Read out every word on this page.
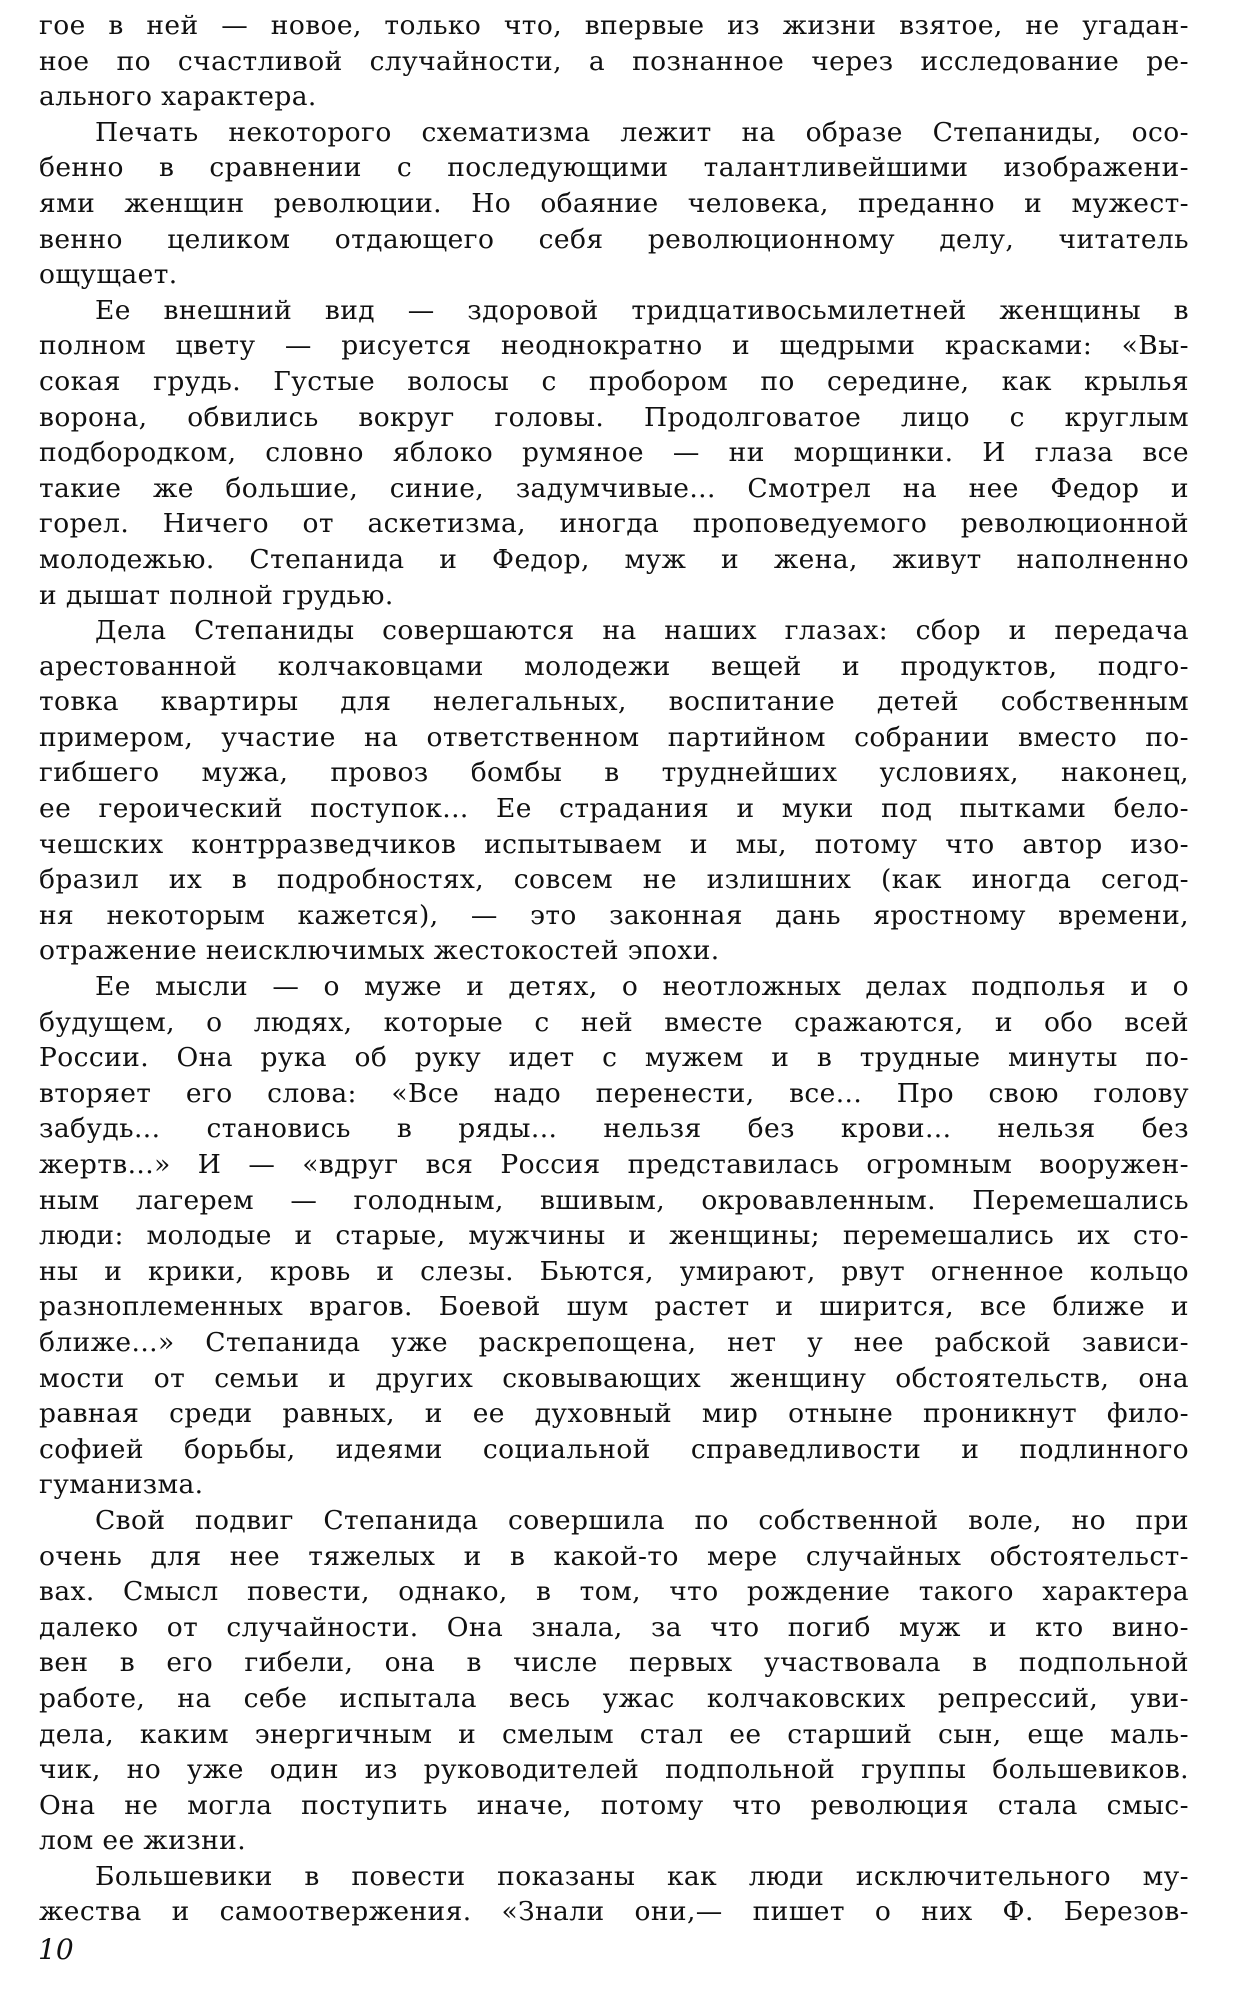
гое в ней — новое, только что, впервые из жизни взятое, не угадан-
ное по счастливой случайности, а познанное через исследование ре-
ального характера.
Печать некоторого схематизма лежит на образе Степаниды, осо-
бенно в сравнении с последующими талантливейшими изображени-
ями женщин революции. Но обаяние человека, преданно и мужест-
венно целиком отдающего себя революционному делу, читатель
ощущает.
Ее внешний вид — здоровой тридцативосьмилетней женщины в
полном цвету — рисуется неоднократно и щедрыми красками: «Вы-
сокая грудь. Густые волосы с пробором по середине, как крылья
ворона, обвились вокруг головы. Продолговатое лицо с круглым
подбородком, словно яблоко румяное — ни морщинки. И глаза все
такие же большие, синие, задумчивые... Смотрел на нее Федор и
горел. Ничего от аскетизма, иногда проповедуемого революционной
молодежью. Степанида и Федор, муж и жена, живут наполненно
и дышат полной грудью.
Дела Степаниды совершаются на наших глазах: сбор и передача
арестованной колчаковцами молодежи вещей и продуктов, подго-
товка квартиры для нелегальных, воспитание детей собственным
примером, участие на ответственном партийном собрании вместо по-
гибшего мужа, провоз бомбы в труднейших условиях, наконец,
ее героический поступок... Ее страдания и муки под пытками бело-
чешских контрразведчиков испытываем и мы, потому что автор изо-
бразил их в подробностях, совсем не излишних (как иногда сегод-
ня некоторым кажется), — это законная дань яростному времени,
отражение неисключимых жестокостей эпохи.
Ее мысли — о муже и детях, о неотложных делах подполья и о
будущем, о людях, которые с ней вместе сражаются, и обо всей
России. Она рука об руку идет с мужем и в трудные минуты по-
вторяет его слова: «Все надо перенести, все... Про свою голову
забудь... становись в ряды... нельзя без крови... нельзя без
жертв...» И — «вдруг вся Россия представилась огромным вооружен-
ным лагерем — голодным, вшивым, окровавленным. Перемешались
люди: молодые и старые, мужчины и женщины; перемешались их сто-
ны и крики, кровь и слезы. Бьются, умирают, рвут огненное кольцо
разноплеменных врагов. Боевой шум растет и ширится, все ближе и
ближе...» Степанида уже раскрепощена, нет у нее рабской зависи-
мости от семьи и других сковывающих женщину обстоятельств, она
равная среди равных, и ее духовный мир отныне проникнут фило-
софией борьбы, идеями социальной справедливости и подлинного
гуманизма.
Свой подвиг Степанида совершила по собственной воле, но при
очень для нее тяжелых и в какой-то мере случайных обстоятельст-
вах. Смысл повести, однако, в том, что рождение такого характера
далеко от случайности. Она знала, за что погиб муж и кто вино-
вен в его гибели, она в числе первых участвовала в подпольной
работе, на себе испытала весь ужас колчаковских репрессий, уви-
дела, каким энергичным и смелым стал ее старший сын, еще маль-
чик, но уже один из руководителей подпольной группы большевиков.
Она не могла поступить иначе, потому что революция стала смыс-
лом ее жизни.
Большевики в повести показаны как люди исключительного му-
жества и самоотвержения. «Знали они,— пишет о них Ф. Березов-
10
